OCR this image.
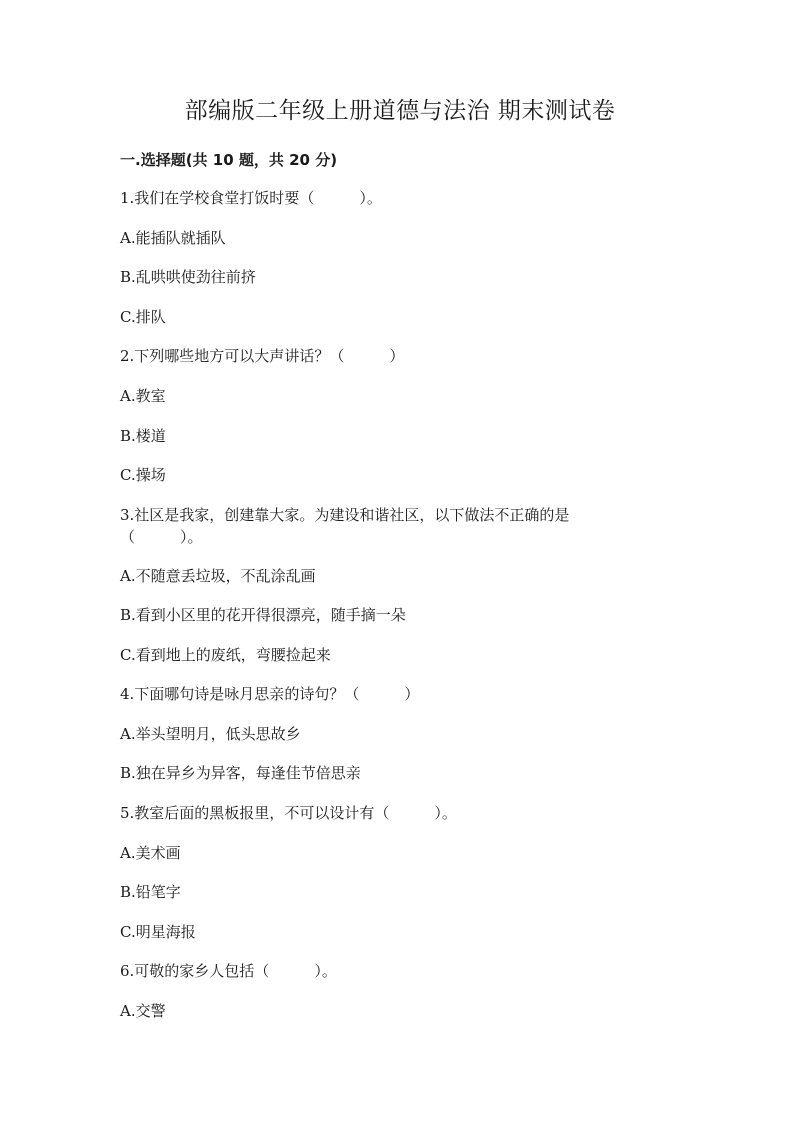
部编版二年级上册道德与法治 期末测试卷
一.选择题(共 10 题，共 20 分)
1.我们在学校食堂打饭时要（　　　）。
A.能插队就插队
B.乱哄哄使劲往前挤
C.排队
2.下列哪些地方可以大声讲话？（　　　）
A.教室
B.楼道
C.操场
3.社区是我家，创建靠大家。为建设和谐社区，以下做法不正确的是
（　　　）。
A.不随意丢垃圾，不乱涂乱画
B.看到小区里的花开得很漂亮，随手摘一朵
C.看到地上的废纸，弯腰捡起来
4.下面哪句诗是咏月思亲的诗句？（　　　）
A.举头望明月，低头思故乡
B.独在异乡为异客，每逢佳节倍思亲
5.教室后面的黑板报里，不可以设计有（　　　）。
A.美术画
B.铅笔字
C.明星海报
6.可敬的家乡人包括（　　　）。
A.交警
